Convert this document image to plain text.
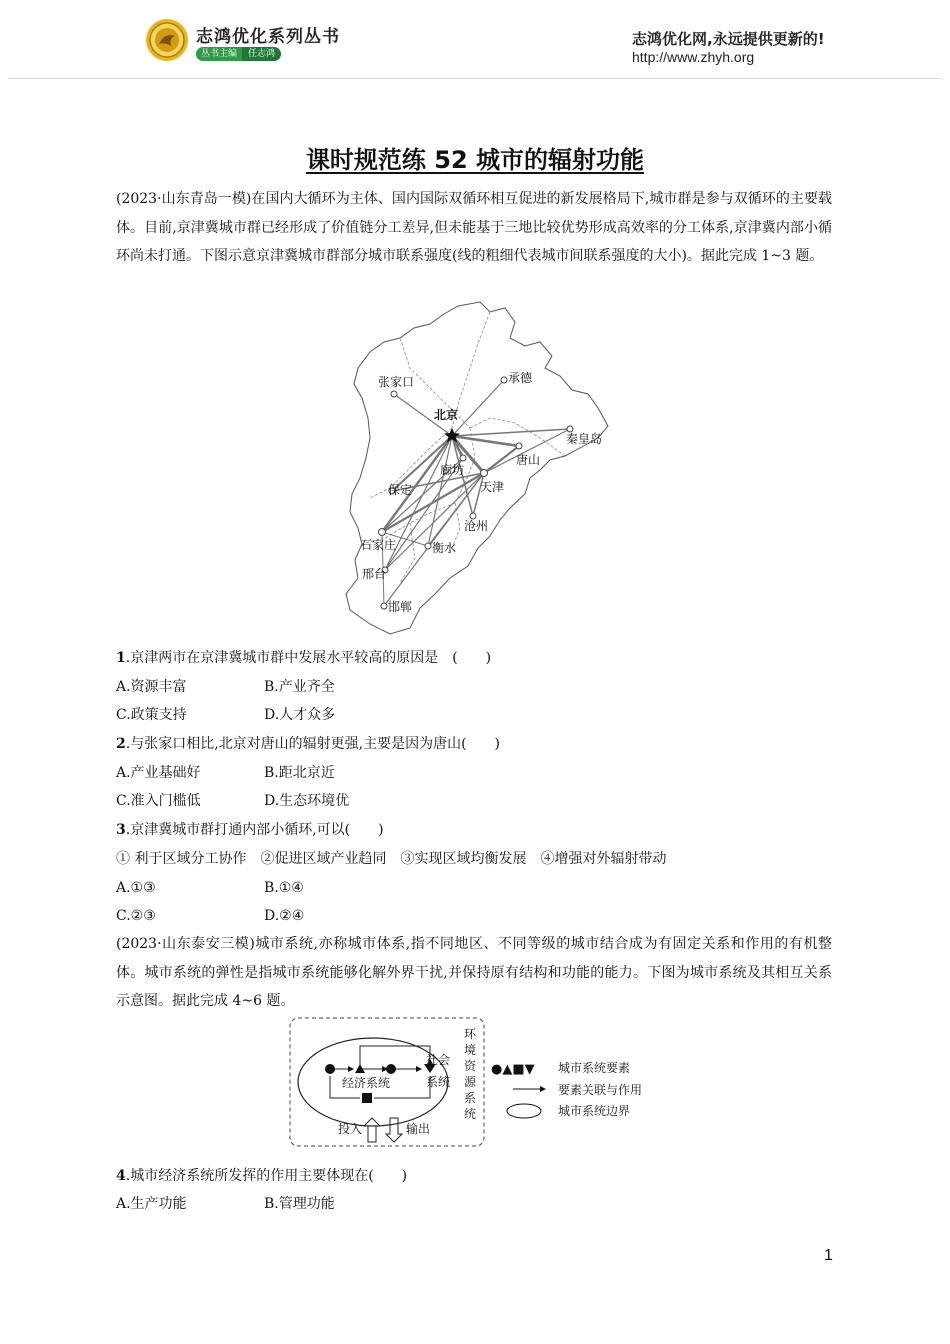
志鸿优化系列丛书
丛书主编	任志鸿
志鸿优化网,永远提供更新的!
http://www.zhyh.org
课时规范练 52 城市的辐射功能
(2023·山东青岛一模)在国内大循环为主体、国内国际双循环相互促进的新发展格局下,城市群是参与双循环的主要载体。目前,京津冀城市群已经形成了价值链分工差异,但未能基于三地比较优势形成高效率的分工体系,京津冀内部小循环尚未打通。下图示意京津冀城市群部分城市联系强度(线的粗细代表城市间联系强度的大小)。据此完成 1~3 题。
张家口	承德
北京
秦皇岛
唐山
廊坊
天津
保定
沧州
石家庄	衡水
邢台
邯郸
1.京津两市在京津冀城市群中发展水平较高的原因是　(　　)
A.资源丰富	B.产业齐全
C.政策支持	D.人才众多
2.与张家口相比,北京对唐山的辐射更强,主要是因为唐山(　　)
A.产业基础好	B.距北京近
C.准入门槛低	D.生态环境优
3.京津冀城市群打通内部小循环,可以(　　)
① 利于区域分工协作　②促进区域产业趋同　③实现区域均衡发展　④增强对外辐射带动
A.①③	B.①④
C.②③	D.②④
(2023·山东泰安三模)城市系统,亦称城市体系,指不同地区、不同等级的城市结合成为有固定关系和作用的有机整体。城市系统的弹性是指城市系统能够化解外界干扰,并保持原有结构和功能的能力。下图为城市系统及其相互关系示意图。据此完成 4~6 题。
经济系统
社会
系统
环
境
资
源
系
统
投入	输出
●▲■▼ 城市系统要素
要素关联与作用
城市系统边界
4.城市经济系统所发挥的作用主要体现在(　　)
A.生产功能	B.管理功能
1
